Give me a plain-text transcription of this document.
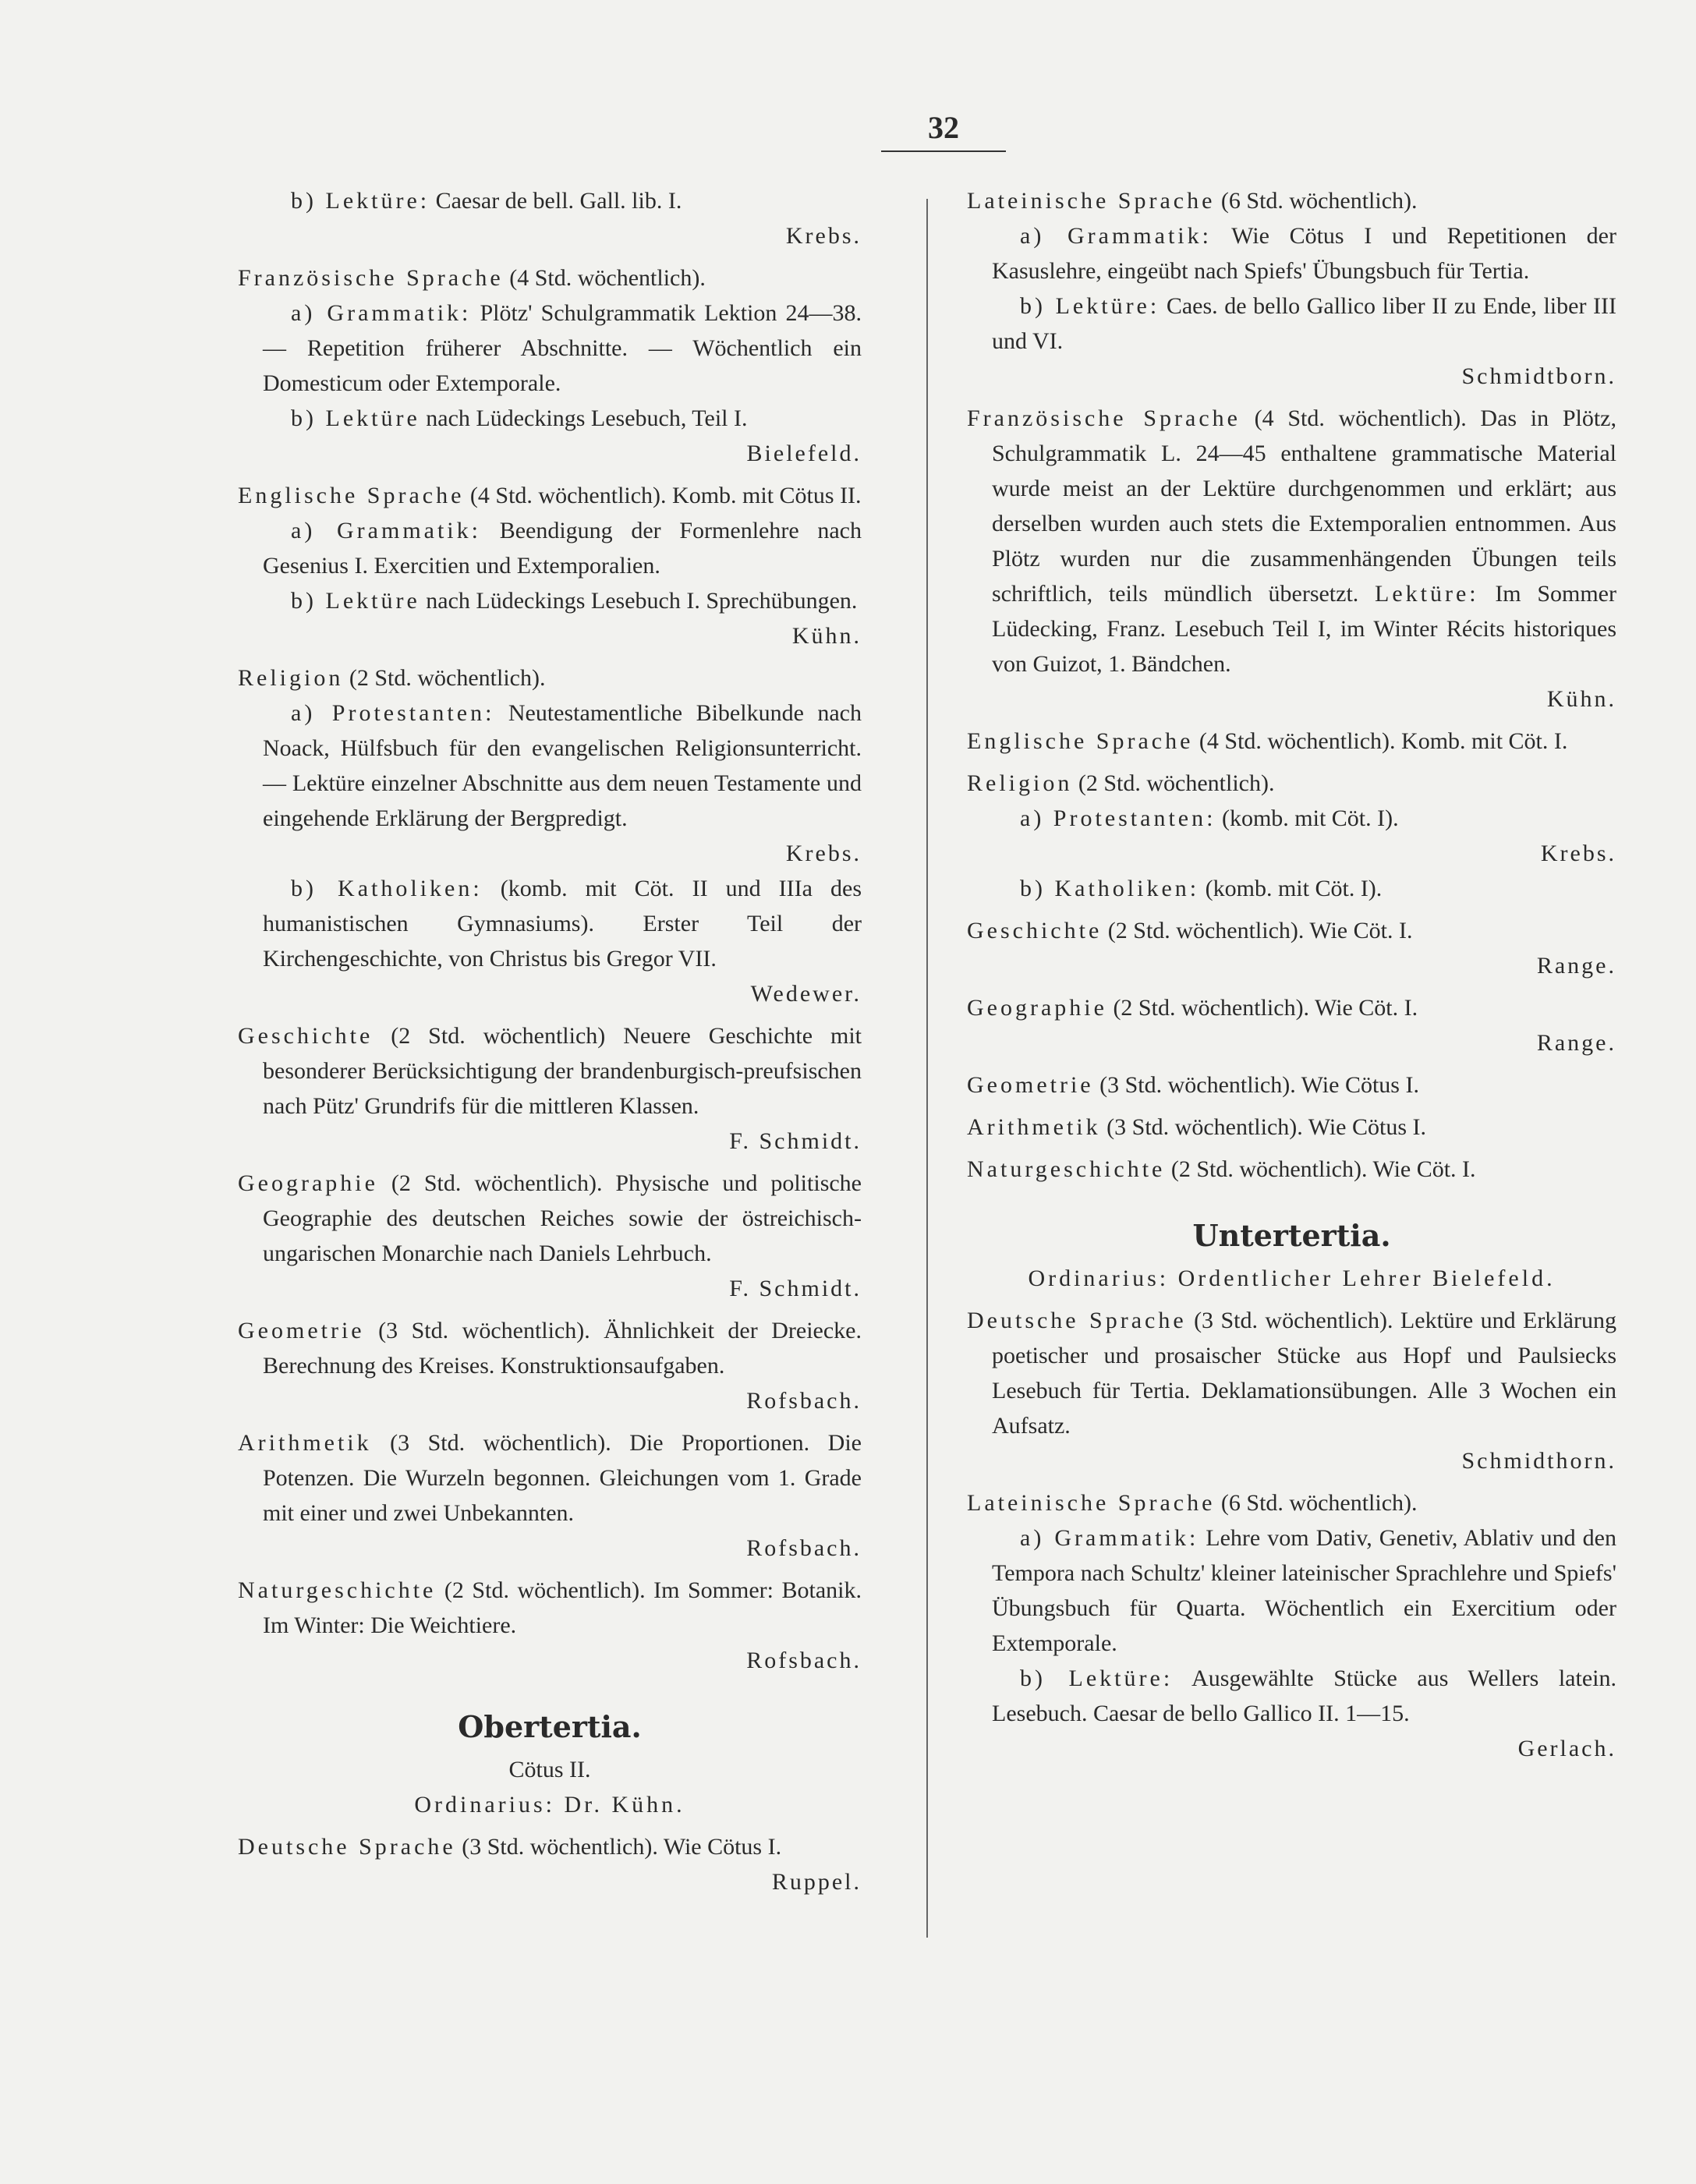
32
b) Lektüre: Caesar de bell. Gall. lib. I.

Krebs.

Französische Sprache (4 Std. wöchentlich).
a) Grammatik: Plötz' Schulgrammatik Lektion 24—38. — Repetition früherer Abschnitte. — Wöchentlich ein Domesticum oder Extemporale.
b) Lektüre nach Lüdeckings Lesebuch, Teil I.

Bielefeld.

Englische Sprache (4 Std. wöchentlich). Komb. mit Cötus II.
a) Grammatik: Beendigung der Formenlehre nach Gesenius I. Exercitien und Extemporalien.
b) Lektüre nach Lüdeckings Lesebuch I. Sprechübungen.

Kühn.

Religion (2 Std. wöchentlich).
a) Protestanten: Neutestamentliche Bibelkunde nach Noack, Hülfsbuch für den evangelischen Religionsunterricht. — Lektüre einzelner Abschnitte aus dem neuen Testamente und eingehende Erklärung der Bergpredigt.

Krebs.

b) Katholiken: (komb. mit Cöt. II und IIIa des humanistischen Gymnasiums). Erster Teil der Kirchengeschichte, von Christus bis Gregor VII.

Wedewer.

Geschichte (2 Std. wöchentlich) Neuere Geschichte mit besonderer Berücksichtigung der brandenburgisch-preufsischen nach Pütz' Grundrifs für die mittleren Klassen.

F. Schmidt.

Geographie (2 Std. wöchentlich). Physische und politische Geographie des deutschen Reiches sowie der östreichisch-ungarischen Monarchie nach Daniels Lehrbuch.

F. Schmidt.

Geometrie (3 Std. wöchentlich). Ähnlichkeit der Dreiecke. Berechnung des Kreises. Konstruktionsaufgaben.

Rofsbach.

Arithmetik (3 Std. wöchentlich). Die Proportionen. Die Potenzen. Die Wurzeln begonnen. Gleichungen vom 1. Grade mit einer und zwei Unbekannten.

Rofsbach.

Naturgeschichte (2 Std. wöchentlich). Im Sommer: Botanik. Im Winter: Die Weichtiere.

Rofsbach.

Obertertia.

Cötus II.

Ordinarius: Dr. Kühn.

Deutsche Sprache (3 Std. wöchentlich). Wie Cötus I.

Ruppel.

Lateinische Sprache (6 Std. wöchentlich).
a) Grammatik: Wie Cötus I und Repetitionen der Kasuslehre, eingeübt nach Spiefs' Übungsbuch für Tertia.
b) Lektüre: Caes. de bello Gallico liber II zu Ende, liber III und VI.

Schmidtborn.

Französische Sprache (4 Std. wöchentlich). Das in Plötz, Schulgrammatik L. 24—45 enthaltene grammatische Material wurde meist an der Lektüre durchgenommen und erklärt; aus derselben wurden auch stets die Extemporalien entnommen. Aus Plötz wurden nur die zusammenhängenden Übungen teils schriftlich, teils mündlich übersetzt. Lektüre: Im Sommer Lüdecking, Franz. Lesebuch Teil I, im Winter Récits historiques von Guizot, 1. Bändchen.

Kühn.

Englische Sprache (4 Std. wöchentlich). Komb. mit Cöt. I.
Religion (2 Std. wöchentlich).
a) Protestanten: (komb. mit Cöt. I).

Krebs.

b) Katholiken: (komb. mit Cöt. I).
Geschichte (2 Std. wöchentlich). Wie Cöt. I.

Range.

Geographie (2 Std. wöchentlich). Wie Cöt. I.

Range.

Geometrie (3 Std. wöchentlich). Wie Cötus I.
Arithmetik (3 Std. wöchentlich). Wie Cötus I.
Naturgeschichte (2 Std. wöchentlich). Wie Cöt. I.
Untertertia.

Ordinarius: Ordentlicher Lehrer Bielefeld.

Deutsche Sprache (3 Std. wöchentlich). Lektüre und Erklärung poetischer und prosaischer Stücke aus Hopf und Paulsiecks Lesebuch für Tertia. Deklamationsübungen. Alle 3 Wochen ein Aufsatz.

Schmidthorn.

Lateinische Sprache (6 Std. wöchentlich).
a) Grammatik: Lehre vom Dativ, Genetiv, Ablativ und den Tempora nach Schultz' kleiner lateinischer Sprachlehre und Spiefs' Übungsbuch für Quarta. Wöchentlich ein Exercitium oder Extemporale.
b) Lektüre: Ausgewählte Stücke aus Wellers latein. Lesebuch. Caesar de bello Gallico II. 1—15.

Gerlach.
